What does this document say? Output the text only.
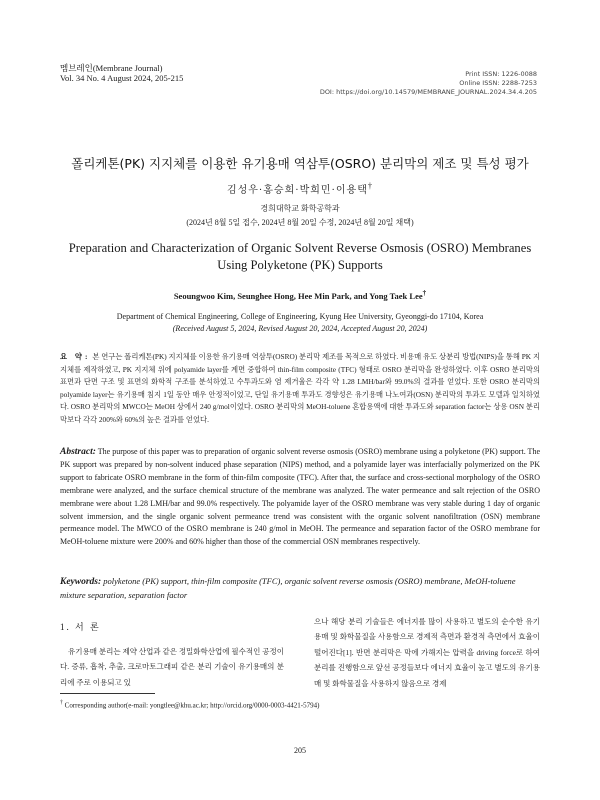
멤브레인(Membrane Journal)
Vol. 34 No. 4 August 2024, 205-215	Print ISSN: 1226-0088
Online ISSN: 2288-7253
DOI: https://doi.org/10.14579/MEMBRANE_JOURNAL.2024.34.4.205
폴리케톤(PK) 지지체를 이용한 유기용매 역삼투(OSRO) 분리막의 제조 및 특성 평가
김성우·홍승희·박희민·이용택†
경희대학교 화학공학과
(2024년 8월 5일 접수, 2024년 8월 20일 수정, 2024년 8월 20일 채택)
Preparation and Characterization of Organic Solvent Reverse Osmosis (OSRO) Membranes Using Polyketone (PK) Supports
Seoungwoo Kim, Seunghee Hong, Hee Min Park, and Yong Taek Lee†
Department of Chemical Engineering, College of Engineering, Kyung Hee University, Gyeonggi-do 17104, Korea
(Received August 5, 2024, Revised August 20, 2024, Accepted August 20, 2024)
요 약: 본 연구는 폴리케톤(PK) 지지체를 이용한 유기용매 역삼투(OSRO) 분리막 제조를 목적으로 하였다. 비용매 유도 상분리 방법(NIPS)을 통해 PK 지지체를 제작하였고, PK 지지체 위에 polyamide layer를 계면 중합하여 thin-film composite (TFC) 형태로 OSRO 분리막을 완성하였다. 이후 OSRO 분리막의 표면과 단면 구조 및 표면의 화학적 구조를 분석하였고 수투과도와 염 제거율은 각각 약 1.28 LMH/bar와 99.0%의 결과를 얻었다. 또한 OSRO 분리막의 polyamide layer는 유기용매 침지 1일 동안 매우 안정적이었고, 단일 유기용매 투과도 경향성은 유기용매 나노여과(OSN) 분리막의 투과도 모델과 일치하였다. OSRO 분리막의 MWCO는 MeOH 상에서 240 g/mol이었다. OSRO 분리막의 MeOH-toluene 혼합용액에 대한 투과도와 separation factor는 상용 OSN 분리막보다 각각 200%와 60%의 높은 결과를 얻었다.
Abstract: The purpose of this paper was to preparation of organic solvent reverse osmosis (OSRO) membrane using a polyketone (PK) support. The PK support was prepared by non-solvent induced phase separation (NIPS) method, and a polyamide layer was interfacially polymerized on the PK support to fabricate OSRO membrane in the form of thin-film composite (TFC). After that, the surface and cross-sectional morphology of the OSRO membrane were analyzed, and the surface chemical structure of the membrane was analyzed. The water permeance and salt rejection of the OSRO membrane were about 1.28 LMH/bar and 99.0% respectively. The polyamide layer of the OSRO membrane was very stable during 1 day of organic solvent immersion, and the single organic solvent permeance trend was consistent with the organic solvent nanofiltration (OSN) membrane permeance model. The MWCO of the OSRO membrane is 240 g/mol in MeOH. The permeance and separation factor of the OSRO membrane for MeOH-toluene mixture were 200% and 60% higher than those of the commercial OSN membranes respectively.
Keywords: polyketone (PK) support, thin-film composite (TFC), organic solvent reverse osmosis (OSRO) membrane, MeOH-toluene mixture separation, separation factor
1. 서 론
유기용매 분리는 제약 산업과 같은 정밀화학산업에 필수적인 공정이다. 증류, 흡착, 추출, 크로마토그래피 같은 분리 기술이 유기용매의 분리에 주로 이용되고 있
으나 해당 분리 기술들은 에너지를 많이 사용하고 별도의 순수한 유기용매 및 화학물질을 사용함으로 경제적 측면과 환경적 측면에서 효율이 떨어진다[1]. 반면 분리막은 막에 가해지는 압력을 driving force로 하여 분리를 진행함으로 앞선 공정들보다 에너지 효율이 높고 별도의 유기용매 및 화학물질을 사용하지 않음으로 경제
† Corresponding author(e-mail: yongtlee@khu.ac.kr; http://orcid.org/0000-0003-4421-5794)
205
